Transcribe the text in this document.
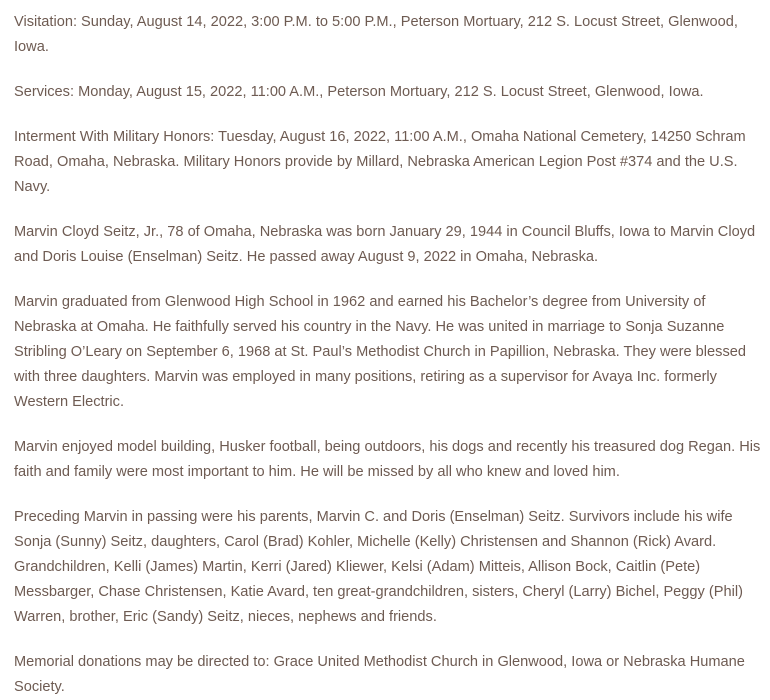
Visitation: Sunday, August 14, 2022, 3:00 P.M. to 5:00 P.M., Peterson Mortuary, 212 S. Locust Street, Glenwood, Iowa.

Services: Monday, August 15, 2022, 11:00 A.M., Peterson Mortuary, 212 S. Locust Street, Glenwood, Iowa.

Interment With Military Honors: Tuesday, August 16, 2022, 11:00 A.M., Omaha National Cemetery, 14250 Schram Road, Omaha, Nebraska. Military Honors provide by Millard, Nebraska American Legion Post #374 and the U.S. Navy.

Marvin Cloyd Seitz, Jr., 78 of Omaha, Nebraska was born January 29, 1944 in Council Bluffs, Iowa to Marvin Cloyd and Doris Louise (Enselman) Seitz. He passed away August 9, 2022 in Omaha, Nebraska.

Marvin graduated from Glenwood High School in 1962 and earned his Bachelor’s degree from University of Nebraska at Omaha. He faithfully served his country in the Navy. He was united in marriage to Sonja Suzanne Stribling O’Leary on September 6, 1968 at St. Paul’s Methodist Church in Papillion, Nebraska. They were blessed with three daughters. Marvin was employed in many positions, retiring as a supervisor for Avaya Inc. formerly Western Electric.

Marvin enjoyed model building, Husker football, being outdoors, his dogs and recently his treasured dog Regan. His faith and family were most important to him. He will be missed by all who knew and loved him.

Preceding Marvin in passing were his parents, Marvin C. and Doris (Enselman) Seitz. Survivors include his wife Sonja (Sunny) Seitz, daughters, Carol (Brad) Kohler, Michelle (Kelly) Christensen and Shannon (Rick) Avard. Grandchildren, Kelli (James) Martin, Kerri (Jared) Kliewer, Kelsi (Adam) Mitteis, Allison Bock, Caitlin (Pete) Messbarger, Chase Christensen, Katie Avard, ten great-grandchildren, sisters, Cheryl (Larry) Bichel, Peggy (Phil) Warren, brother, Eric (Sandy) Seitz, nieces, nephews and friends.

Memorial donations may be directed to: Grace United Methodist Church in Glenwood, Iowa or Nebraska Humane Society.
